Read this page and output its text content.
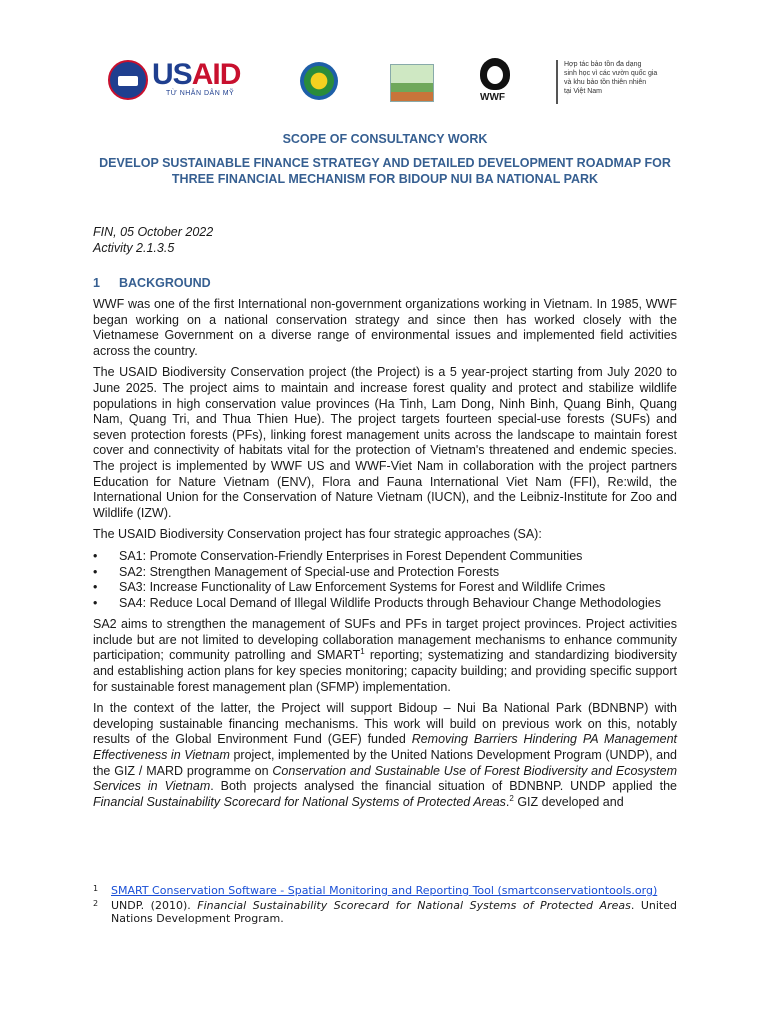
USAID
TỪ NHÂN DÂN MỸ	WWF
Hợp tác bảo tồn đa dạng
sinh học vì các vườn quốc gia
và khu bảo tồn thiên nhiên
tại Việt Nam
SCOPE OF CONSULTANCY WORK
DEVELOP SUSTAINABLE FINANCE STRATEGY AND DETAILED DEVELOPMENT ROADMAP FOR THREE FINANCIAL MECHANISM FOR BIDOUP NUI BA NATIONAL PARK
FIN, 05 October 2022
Activity 2.1.3.5
1 BACKGROUND

WWF was one of the first International non-government organizations working in Vietnam. In 1985, WWF began working on a national conservation strategy and since then has worked closely with the Vietnamese Government on a diverse range of environmental issues and implemented field activities across the country.

The USAID Biodiversity Conservation project (the Project) is a 5 year-project starting from July 2020 to June 2025. The project aims to maintain and increase forest quality and protect and stabilize wildlife populations in high conservation value provinces (Ha Tinh, Lam Dong, Ninh Binh, Quang Binh, Quang Nam, Quang Tri, and Thua Thien Hue). The project targets fourteen special-use forests (SUFs) and seven protection forests (PFs), linking forest management units across the landscape to maintain forest cover and connectivity of habitats vital for the protection of Vietnam's threatened and endemic species. The project is implemented by WWF US and WWF-Viet Nam in collaboration with the project partners Education for Nature Vietnam (ENV), Flora and Fauna International Viet Nam (FFI), Re:wild, the International Union for the Conservation of Nature Vietnam (IUCN), and the Leibniz-Institute for Zoo and Wildlife (IZW).

The USAID Biodiversity Conservation project has four strategic approaches (SA):

• SA1: Promote Conservation-Friendly Enterprises in Forest Dependent Communities
• SA2: Strengthen Management of Special-use and Protection Forests
• SA3: Increase Functionality of Law Enforcement Systems for Forest and Wildlife Crimes
• SA4: Reduce Local Demand of Illegal Wildlife Products through Behaviour Change Methodologies

SA2 aims to strengthen the management of SUFs and PFs in target project provinces. Project activities include but are not limited to developing collaboration management mechanisms to enhance community participation; community patrolling and SMART$^1$ reporting; systematizing and standardizing biodiversity and establishing action plans for key species monitoring; capacity building; and providing specific support for sustainable forest management plan (SFMP) implementation.

In the context of the latter, the Project will support Bidoup – Nui Ba National Park (BDNBNP) with developing sustainable financing mechanisms. This work will build on previous work on this, notably results of the Global Environment Fund (GEF) funded Removing Barriers Hindering PA Management Effectiveness in Vietnam project, implemented by the United Nations Development Program (UNDP), and the GIZ / MARD programme on Conservation and Sustainable Use of Forest Biodiversity and Ecosystem Services in Vietnam. Both projects analysed the financial situation of BDNBNP. UNDP applied the Financial Sustainability Scorecard for National Systems of Protected Areas.$^2$ GIZ developed and

1 SMART Conservation Software - Spatial Monitoring and Reporting Tool (smartconservationtools.org)
2 UNDP. (2010). Financial Sustainability Scorecard for National Systems of Protected Areas. United Nations Development Program.
